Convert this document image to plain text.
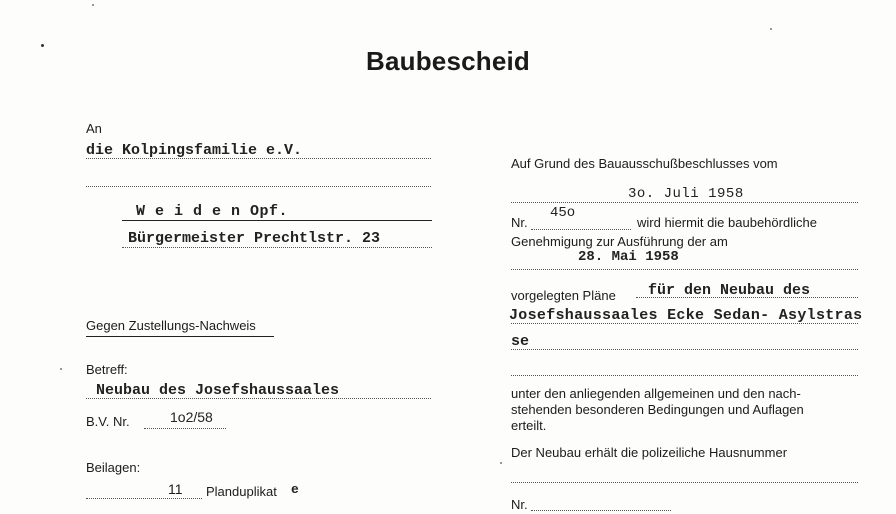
Baubescheid
An
die Kolpingsfamilie e.V.
W e i d e n Opf.
Bürgermeister Prechtlstr. 23
Gegen Zustellungs-Nachweis
Betreff:
Neubau des Josefshaussaales
B.V. Nr.	1o2/58
Beilagen:
11 Planduplikat e
Auf Grund des Bauausschußbeschlusses vom
3o. Juli 1958
Nr.
45o
wird hiermit die baubehördliche
Genehmigung zur Ausführung der am
28. Mai 1958
vorgelegten Pläne für den Neubau des
Josefshaussaales Ecke Sedan- Asylstras
se
unter den anliegenden allgemeinen und den nach-
stehenden besonderen Bedingungen und Auflagen
erteilt.
Der Neubau erhält die polizeiliche Hausnummer
Nr.
